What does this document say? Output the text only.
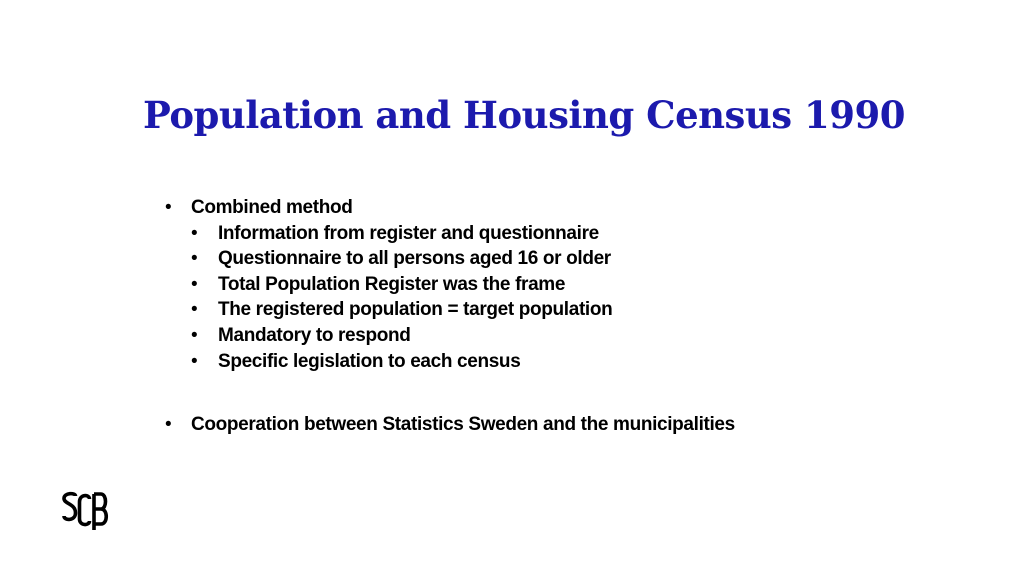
Population and Housing Census 1990
• Combined method
• Information from register and questionnaire
• Questionnaire to all persons aged 16 or older
• Total Population Register was the frame
• The registered population = target population
• Mandatory to respond
• Specific legislation to each census
• Cooperation between Statistics Sweden and the municipalities
